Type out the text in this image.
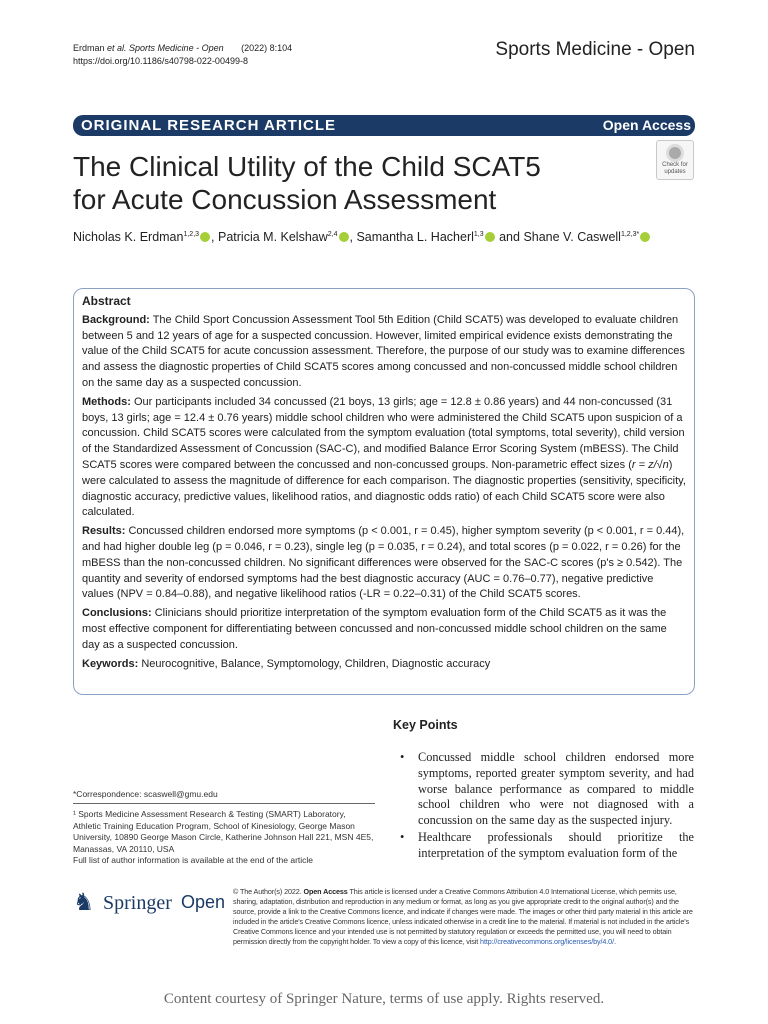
Erdman et al. Sports Medicine - Open (2022) 8:104
https://doi.org/10.1186/s40798-022-00499-8
Sports Medicine - Open
ORIGINAL RESEARCH ARTICLE	Open Access
The Clinical Utility of the Child SCAT5
for Acute Concussion Assessment
Check for
updates
Nicholas K. Erdman$^{1,2,3}$ , Patricia M. Kelshaw$^{2,4}$ , Samantha L. Hacherl$^{1,3}$ and Shane V. Caswell$^{1,2,3*}$

Abstract

Background: The Child Sport Concussion Assessment Tool 5th Edition (Child SCAT5) was developed to evaluate children between 5 and 12 years of age for a suspected concussion. However, limited empirical evidence exists demonstrating the value of the Child SCAT5 for acute concussion assessment. Therefore, the purpose of our study was to examine differences and assess the diagnostic properties of Child SCAT5 scores among concussed and non-concussed middle school children on the same day as a suspected concussion.

Methods: Our participants included 34 concussed (21 boys, 13 girls; age = 12.8 ± 0.86 years) and 44 non-concussed (31 boys, 13 girls; age = 12.4 ± 0.76 years) middle school children who were administered the Child SCAT5 upon suspicion of a concussion. Child SCAT5 scores were calculated from the symptom evaluation (total symptoms, total severity), child version of the Standardized Assessment of Concussion (SAC-C), and modified Balance Error Scoring System (mBESS). The Child SCAT5 scores were compared between the concussed and non-concussed groups. Non-parametric effect sizes (r = z/√n) were calculated to assess the magnitude of difference for each comparison. The diagnostic properties (sensitivity, specificity, diagnostic accuracy, predictive values, likelihood ratios, and diagnostic odds ratio) of each Child SCAT5 score were also calculated.

Results: Concussed children endorsed more symptoms (p < 0.001, r = 0.45), higher symptom severity (p < 0.001, r = 0.44), and had higher double leg (p = 0.046, r = 0.23), single leg (p = 0.035, r = 0.24), and total scores (p = 0.022, r = 0.26) for the mBESS than the non-concussed children. No significant differences were observed for the SAC-C scores (p's ≥ 0.542). The quantity and severity of endorsed symptoms had the best diagnostic accuracy (AUC = 0.76–0.77), negative predictive values (NPV = 0.84–0.88), and negative likelihood ratios (-LR = 0.22–0.31) of the Child SCAT5 scores.

Conclusions: Clinicians should prioritize interpretation of the symptom evaluation form of the Child SCAT5 as it was the most effective component for differentiating between concussed and non-concussed middle school children on the same day as a suspected concussion.

Keywords: Neurocognitive, Balance, Symptomology, Children, Diagnostic accuracy

Key Points
• Concussed middle school children endorsed more symptoms, reported greater symptom severity, and had worse balance performance as compared to middle school children who were not diagnosed with a concussion on the same day as the suspected injury.
• Healthcare professionals should prioritize the interpretation of the symptom evaluation form of the
*Correspondence: scaswell@gmu.edu
¹ Sports Medicine Assessment Research & Testing (SMART) Laboratory, Athletic Training Education Program, School of Kinesiology, George Mason University, 10890 George Mason Circle, Katherine Johnson Hall 221, MSN 4E5, Manassas, VA 20110, USA
Full list of author information is available at the end of the article
♞ Springer Open
© The Author(s) 2022. Open Access This article is licensed under a Creative Commons Attribution 4.0 International License, which permits use, sharing, adaptation, distribution and reproduction in any medium or format, as long as you give appropriate credit to the original author(s) and the source, provide a link to the Creative Commons licence, and indicate if changes were made. The images or other third party material in this article are included in the article's Creative Commons licence, unless indicated otherwise in a credit line to the material. If material is not included in the article's Creative Commons licence and your intended use is not permitted by statutory regulation or exceeds the permitted use, you will need to obtain permission directly from the copyright holder. To view a copy of this licence, visit http://creativecommons.org/licenses/by/4.0/.
Content courtesy of Springer Nature, terms of use apply. Rights reserved.
